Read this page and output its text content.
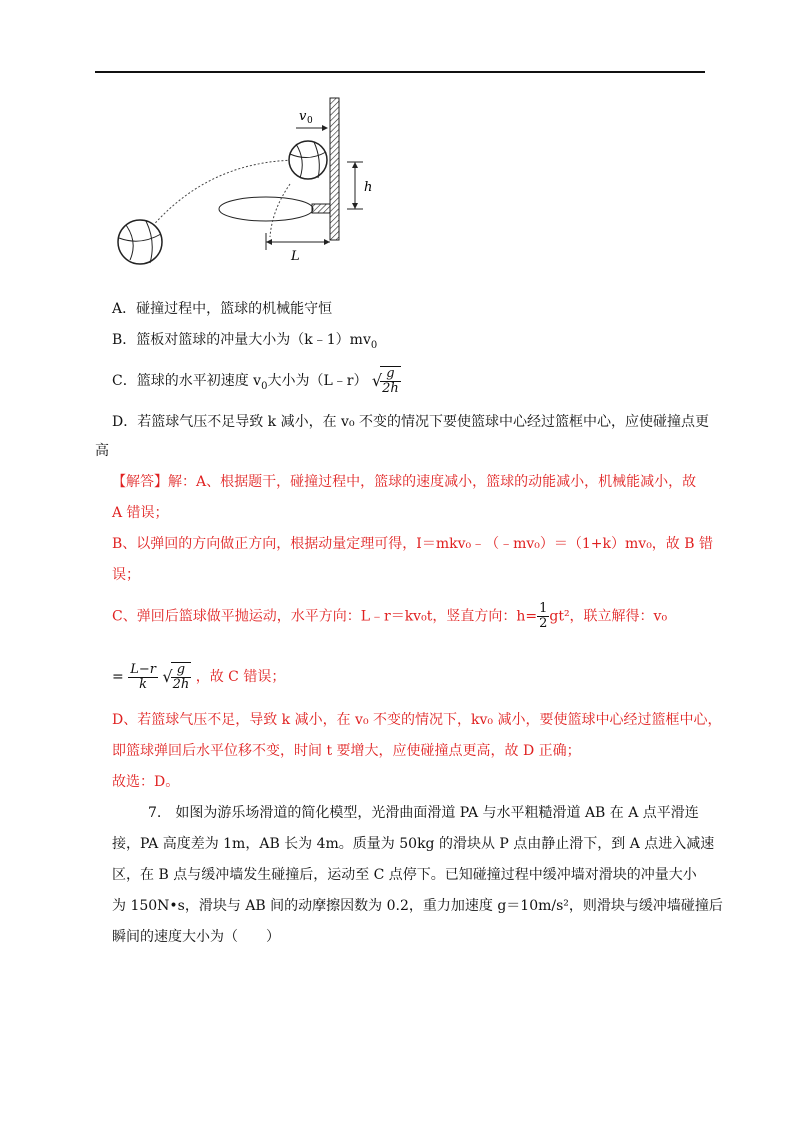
v 0
h
L
A．碰撞过程中，篮球的机械能守恒
B．篮板对篮球的冲量大小为$(k﹣1)mv_0$
C．篮球的水平初速度 $v_0$大小为（L﹣r） √
$\frac{g}{2h}$
D．若篮球气压不足导致 k 减小，在 v₀ 不变的情况下要使篮球中心经过篮框中心，应使碰撞点更
高
【解答】解：A、根据题干，碰撞过程中，篮球的速度减小，篮球的动能减小，机械能减小，故
A 错误；
B、以弹回的方向做正方向，根据动量定理可得，I＝mkv₀﹣（﹣mv₀）＝（1+k）mv₀，故 B 错
误；
C、弹回后篮球做平抛运动，水平方向：L﹣r＝kv₀t，竖直方向：$h= \frac{1}{2} gt^2$，联立解得：v₀
= $\frac{L-r}{k}$ √
$\frac{g}{2h}$ ，故 C 错误；
D、若篮球气压不足，导致 k 减小，在 v₀ 不变的情况下，kv₀ 减小，要使篮球中心经过篮框中心，
即篮球弹回后水平位移不变，时间 t 要增大，应使碰撞点更高，故 D 正确；
故选：D。
7.　如图为游乐场滑道的简化模型，光滑曲面滑道 PA 与水平粗糙滑道 AB 在 A 点平滑连
接，PA 高度差为 1m，AB 长为 4m。质量为 50kg 的滑块从 P 点由静止滑下，到 A 点进入减速
区，在 B 点与缓冲墙发生碰撞后，运动至 C 点停下。已知碰撞过程中缓冲墙对滑块的冲量大小
为 150N•s，滑块与 AB 间的动摩擦因数为 0.2，重力加速度 g＝10m/s²，则滑块与缓冲墙碰撞后
瞬间的速度大小为（　　）
